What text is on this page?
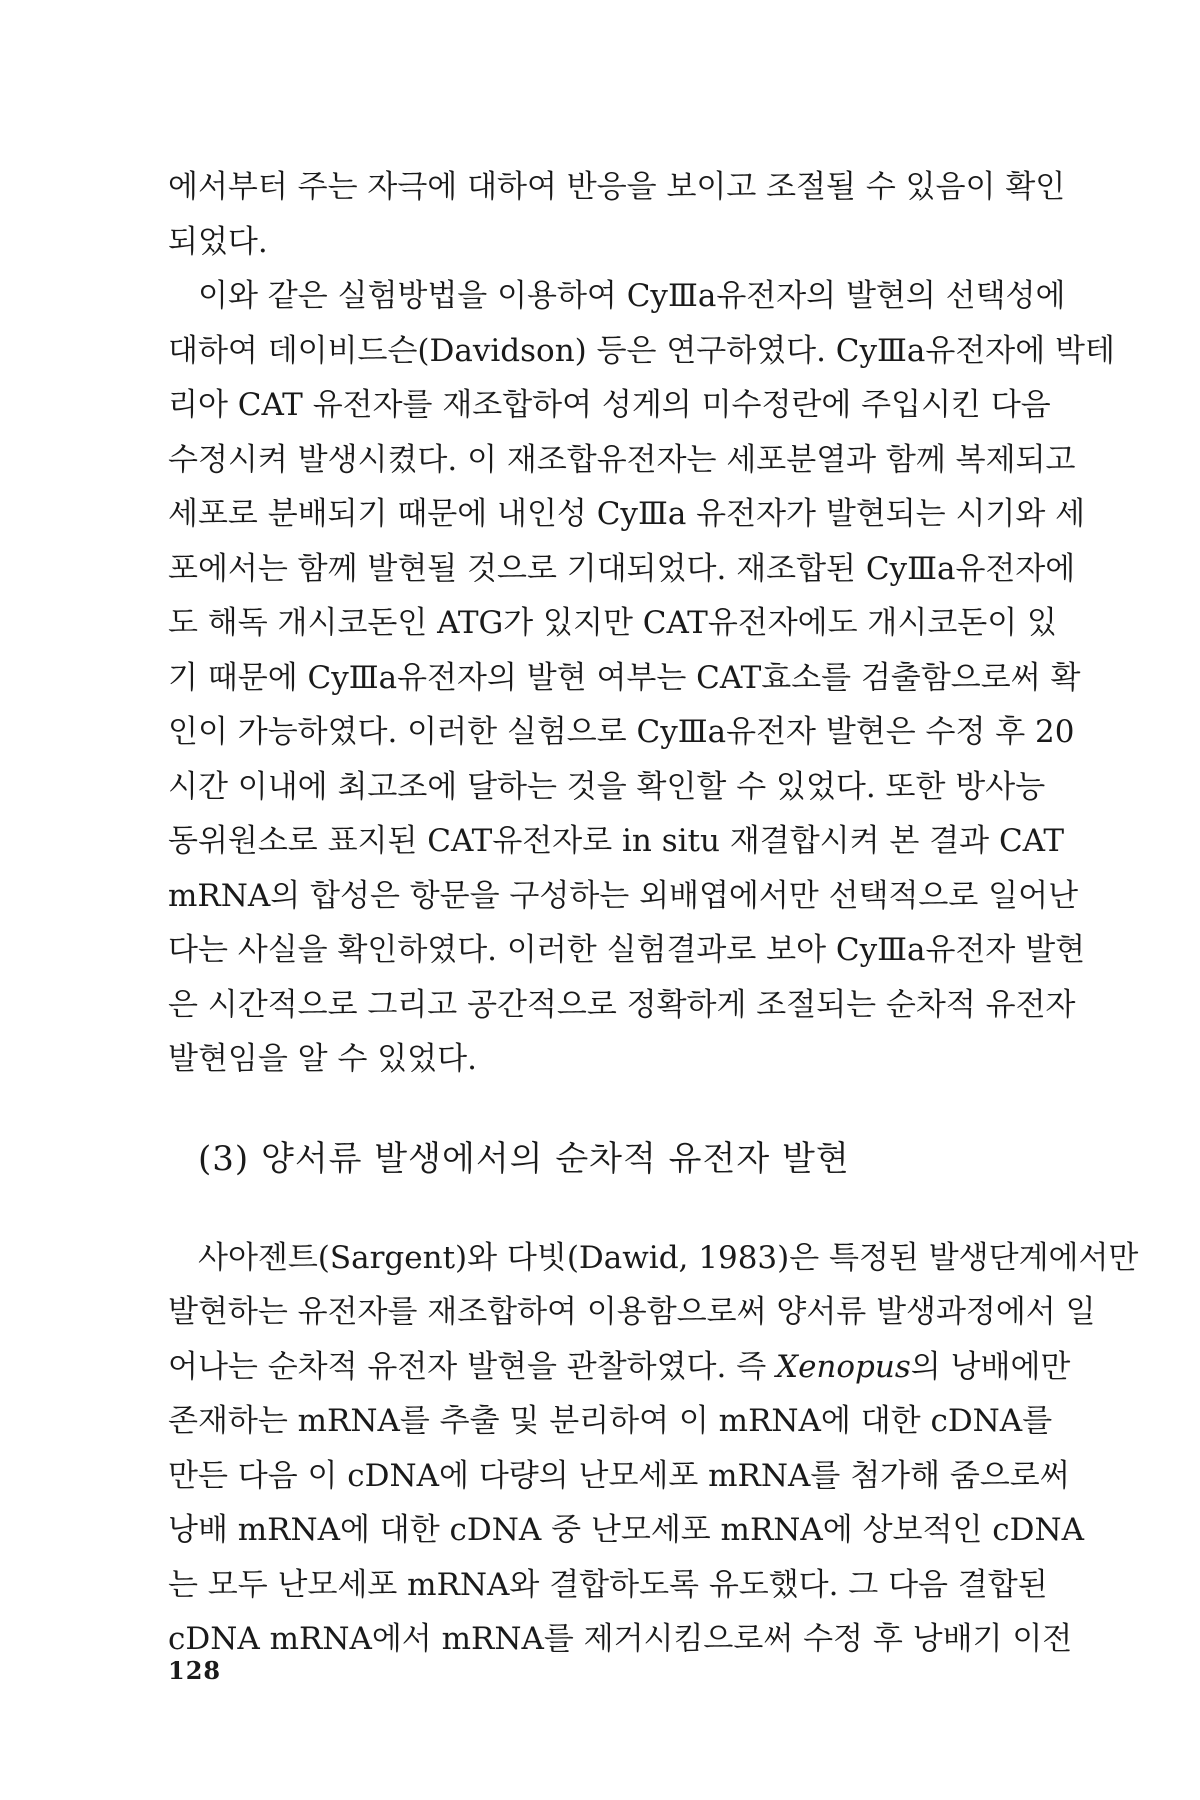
에서부터 주는 자극에 대하여 반응을 보이고 조절될 수 있음이 확인
되었다.
이와 같은 실험방법을 이용하여 CyⅢa유전자의 발현의 선택성에
대하여 데이비드슨(Davidson) 등은 연구하였다. CyⅢa유전자에 박테
리아 CAT 유전자를 재조합하여 성게의 미수정란에 주입시킨 다음
수정시켜 발생시켰다. 이 재조합유전자는 세포분열과 함께 복제되고
세포로 분배되기 때문에 내인성 CyⅢa 유전자가 발현되는 시기와 세
포에서는 함께 발현될 것으로 기대되었다. 재조합된 CyⅢa유전자에
도 해독 개시코돈인 ATG가 있지만 CAT유전자에도 개시코돈이 있
기 때문에 CyⅢa유전자의 발현 여부는 CAT효소를 검출함으로써 확
인이 가능하였다. 이러한 실험으로 CyⅢa유전자 발현은 수정 후 20
시간 이내에 최고조에 달하는 것을 확인할 수 있었다. 또한 방사능
동위원소로 표지된 CAT유전자로 in situ 재결합시켜 본 결과 CAT
mRNA의 합성은 항문을 구성하는 외배엽에서만 선택적으로 일어난
다는 사실을 확인하였다. 이러한 실험결과로 보아 CyⅢa유전자 발현
은 시간적으로 그리고 공간적으로 정확하게 조절되는 순차적 유전자
발현임을 알 수 있었다.
(3) 양서류 발생에서의 순차적 유전자 발현
사아젠트(Sargent)와 다빗(Dawid, 1983)은 특정된 발생단계에서만
발현하는 유전자를 재조합하여 이용함으로써 양서류 발생과정에서 일
어나는 순차적 유전자 발현을 관찰하였다. 즉 Xenopus의 낭배에만
존재하는 mRNA를 추출 및 분리하여 이 mRNA에 대한 cDNA를
만든 다음 이 cDNA에 다량의 난모세포 mRNA를 첨가해 줌으로써
낭배 mRNA에 대한 cDNA 중 난모세포 mRNA에 상보적인 cDNA
는 모두 난모세포 mRNA와 결합하도록 유도했다. 그 다음 결합된
cDNA mRNA에서 mRNA를 제거시킴으로써 수정 후 낭배기 이전
128
